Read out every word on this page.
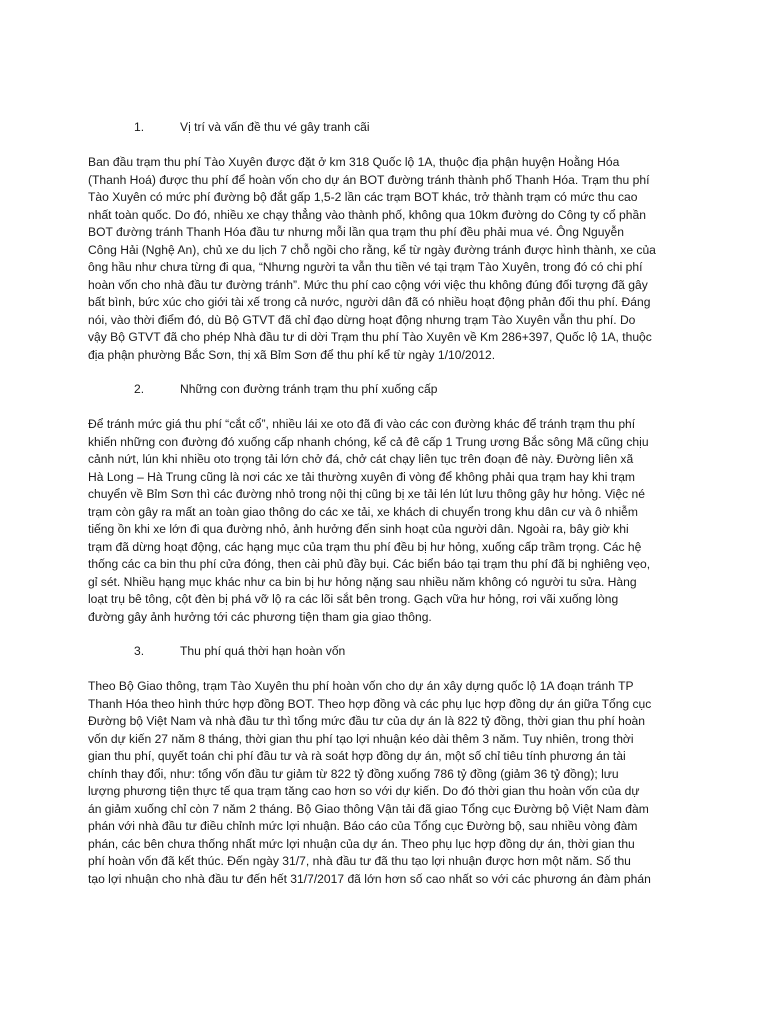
1.	Vị trí và vấn đề thu vé gây tranh cãi
Ban đầu trạm thu phí Tào Xuyên được đặt ở km 318 Quốc lộ 1A, thuộc địa phận huyện Hoằng Hóa
(Thanh Hoá) được thu phí để hoàn vốn cho dự án BOT đường tránh thành phố Thanh Hóa. Trạm thu phí
Tào Xuyên có mức phí đường bộ đắt gấp 1,5-2 lần các trạm BOT khác, trở thành trạm có mức thu cao
nhất toàn quốc. Do đó, nhiều xe chạy thẳng vào thành phố, không qua 10km đường do Công ty cổ phần
BOT đường tránh Thanh Hóa đầu tư nhưng mỗi lần qua trạm thu phí đều phải mua vé. Ông Nguyễn
Công Hải (Nghệ An), chủ xe du lịch 7 chỗ ngồi cho rằng, kể từ ngày đường tránh được hình thành, xe của
ông hầu như chưa từng đi qua, “Nhưng người ta vẫn thu tiền vé tại trạm Tào Xuyên, trong đó có chi phí
hoàn vốn cho nhà đầu tư đường tránh”. Mức thu phí cao cộng với việc thu không đúng đối tượng đã gây
bất bình, bức xúc cho giới tài xế trong cả nước, người dân đã có nhiều hoạt động phản đối thu phí. Đáng
nói, vào thời điểm đó, dù Bộ GTVT đã chỉ đạo dừng hoạt động nhưng trạm Tào Xuyên vẫn thu phí. Do
vậy Bộ GTVT đã cho phép Nhà đầu tư di dời Trạm thu phí Tào Xuyên về Km 286+397, Quốc lộ 1A, thuộc
địa phận phường Bắc Sơn, thị xã Bỉm Sơn để thu phí kể từ ngày 1/10/2012.
2.	Những con đường tránh trạm thu phí xuống cấp
Để tránh mức giá thu phí “cắt cổ”, nhiều lái xe oto đã đi vào các con đường khác để tránh trạm thu phí
khiến những con đường đó xuống cấp nhanh chóng, kể cả đê cấp 1 Trung ương Bắc sông Mã cũng chịu
cảnh nứt, lún khi nhiều oto trọng tải lớn chở đá, chở cát chạy liên tục trên đoạn đê này. Đường liên xã
Hà Long – Hà Trung cũng là nơi các xe tải thường xuyên đi vòng để không phải qua trạm hay khi trạm
chuyển về Bỉm Sơn thì các đường nhỏ trong nội thị cũng bị xe tải lén lút lưu thông gây hư hỏng. Việc né
trạm còn gây ra mất an toàn giao thông do các xe tải, xe khách di chuyển trong khu dân cư và ô nhiễm
tiếng ồn khi xe lớn đi qua đường nhỏ, ảnh hưởng đến sinh hoạt của người dân. Ngoài ra, bây giờ khi
trạm đã dừng hoạt động, các hạng mục của trạm thu phí đều bị hư hỏng, xuống cấp trầm trọng. Các hệ
thống các ca bin thu phí cửa đóng, then cài phủ đầy bụi. Các biển báo tại trạm thu phí đã bị nghiêng vẹo,
gỉ sét. Nhiều hạng mục khác như ca bin bị hư hỏng nặng sau nhiều năm không có người tu sửa. Hàng
loạt trụ bê tông, cột đèn bị phá vỡ lộ ra các lõi sắt bên trong. Gạch vữa hư hỏng, rơi vãi xuống lòng
đường gây ảnh hưởng tới các phương tiện tham gia giao thông.
3.	Thu phí quá thời hạn hoàn vốn
Theo Bộ Giao thông, trạm Tào Xuyên thu phí hoàn vốn cho dự án xây dựng quốc lộ 1A đoạn tránh TP
Thanh Hóa theo hình thức hợp đồng BOT. Theo hợp đồng và các phụ lục hợp đồng dự án giữa Tổng cục
Đường bộ Việt Nam và nhà đầu tư thì tổng mức đầu tư của dự án là 822 tỷ đồng, thời gian thu phí hoàn
vốn dự kiến 27 năm 8 tháng, thời gian thu phí tạo lợi nhuận kéo dài thêm 3 năm. Tuy nhiên, trong thời
gian thu phí, quyết toán chi phí đầu tư và rà soát hợp đồng dự án, một số chỉ tiêu tính phương án tài
chính thay đổi, như: tổng vốn đầu tư giảm từ 822 tỷ đồng xuống 786 tỷ đồng (giảm 36 tỷ đồng); lưu
lượng phương tiện thực tế qua trạm tăng cao hơn so với dự kiến. Do đó thời gian thu hoàn vốn của dự
án giảm xuống chỉ còn 7 năm 2 tháng. Bộ Giao thông Vận tải đã giao Tổng cục Đường bộ Việt Nam đàm
phán với nhà đầu tư điều chỉnh mức lợi nhuận. Báo cáo của Tổng cục Đường bộ, sau nhiều vòng đàm
phán, các bên chưa thống nhất mức lợi nhuận của dự án. Theo phụ lục hợp đồng dự án, thời gian thu
phí hoàn vốn đã kết thúc. Đến ngày 31/7, nhà đầu tư đã thu tạo lợi nhuận được hơn một năm. Số thu
tạo lợi nhuận cho nhà đầu tư đến hết 31/7/2017 đã lớn hơn số cao nhất so với các phương án đàm phán
